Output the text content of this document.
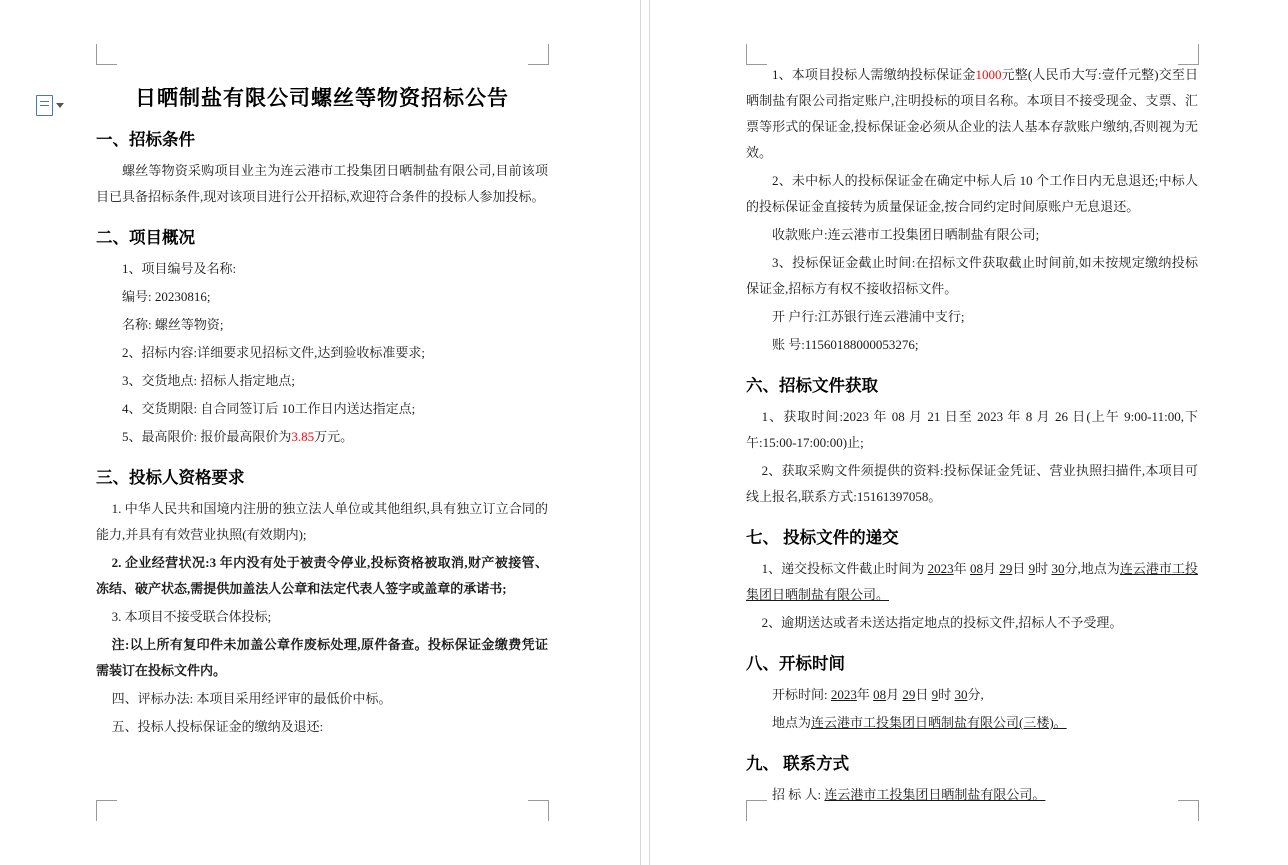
日晒制盐有限公司螺丝等物资招标公告
一、招标条件

螺丝等物资采购项目业主为连云港市工投集团日晒制盐有限公司,目前该项目已具备招标条件,现对该项目进行公开招标,欢迎符合条件的投标人参加投标。

二、项目概况

1、项目编号及名称:

编号: 20230816;

名称: 螺丝等物资;

2、招标内容:详细要求见招标文件,达到验收标准要求;

3、交货地点: 招标人指定地点;

4、交货期限: 自合同签订后 10工作日内送达指定点;

5、最高限价: 报价最高限价为3.85万元。

三、投标人资格要求

1. 中华人民共和国境内注册的独立法人单位或其他组织,具有独立订立合同的能力,并具有有效营业执照(有效期内);

2. 企业经营状况:3 年内没有处于被责令停业,投标资格被取消,财产被接管、冻结、破产状态,需提供加盖法人公章和法定代表人签字或盖章的承诺书;

3. 本项目不接受联合体投标;

注:以上所有复印件未加盖公章作废标处理,原件备查。投标保证金缴费凭证需装订在投标文件内。

四、评标办法: 本项目采用经评审的最低价中标。

五、投标人投标保证金的缴纳及退还:

1、本项目投标人需缴纳投标保证金1000元整(人民币大写:壹仟元整)交至日晒制盐有限公司指定账户,注明投标的项目名称。本项目不接受现金、支票、汇票等形式的保证金,投标保证金必须从企业的法人基本存款账户缴纳,否则视为无效。

2、未中标人的投标保证金在确定中标人后 10 个工作日内无息退还;中标人的投标保证金直接转为质量保证金,按合同约定时间原账户无息退还。

收款账户:连云港市工投集团日晒制盐有限公司;

3、投标保证金截止时间:在招标文件获取截止时间前,如未按规定缴纳投标保证金,招标方有权不接收招标文件。

开 户行:江苏银行连云港浦中支行;

账 号:11560188000053276;

六、招标文件获取

1、获取时间:2023 年 08 月 21 日至 2023 年 8 月 26 日(上午 9:00-11:00,下午:15:00-17:00:00)止;

2、获取采购文件须提供的资料:投标保证金凭证、营业执照扫描件,本项目可线上报名,联系方式:15161397058。

七、 投标文件的递交

1、递交投标文件截止时间为 2023年 08月 29日 9时 30分,地点为连云港市工投集团日晒制盐有限公司。

2、逾期送达或者未送达指定地点的投标文件,招标人不予受理。

八、开标时间

开标时间: 2023年 08月 29日 9时 30分,

地点为连云港市工投集团日晒制盐有限公司(三楼)。

九、 联系方式

招 标 人: 连云港市工投集团日晒制盐有限公司。
